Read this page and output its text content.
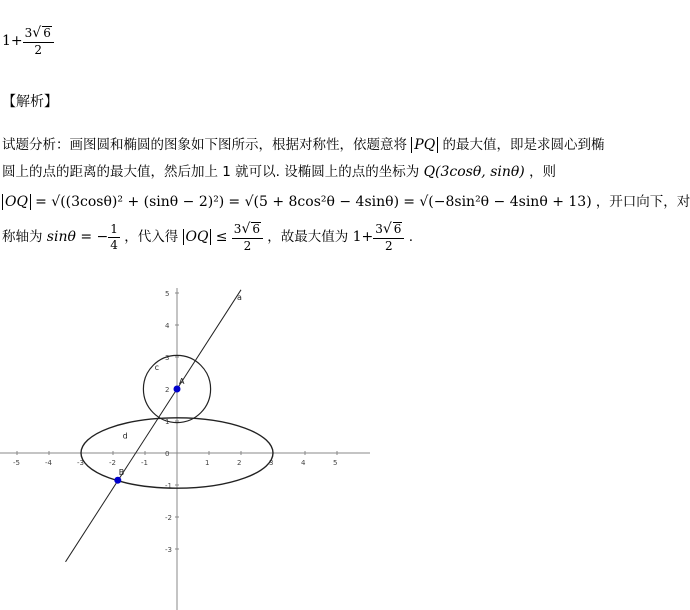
$1+ \frac{3√ 6}{2}$
【解析】
试题分析：画图圆和椭圆的图象如下图所示，根据对称性，依题意将 PQ 的最大值，即是求圆心到椭
圆上的点的距离的最大值，然后加上 1 就可以. 设椭圆上的点的坐标为 Q(3cosθ, sinθ) ，则
OQ = √((3cosθ)² + (sinθ − 2)²) = √(5 + 8cos²θ − 4sinθ) = √(−8sin²θ − 4sinθ + 13) ，开口向下，对
称轴为 sinθ = − $\frac{1}{4}$ ，代入得 OQ ≤ $\frac{3√ 6}{2}$ ，故最大值为 $1+ \frac{3√ 6}{2}$ .
-5	-4	-3	-2	-1	1	2	3	4	5
5
4
3
2
1
0
-1
-2
-3
a
c
d
A
B
